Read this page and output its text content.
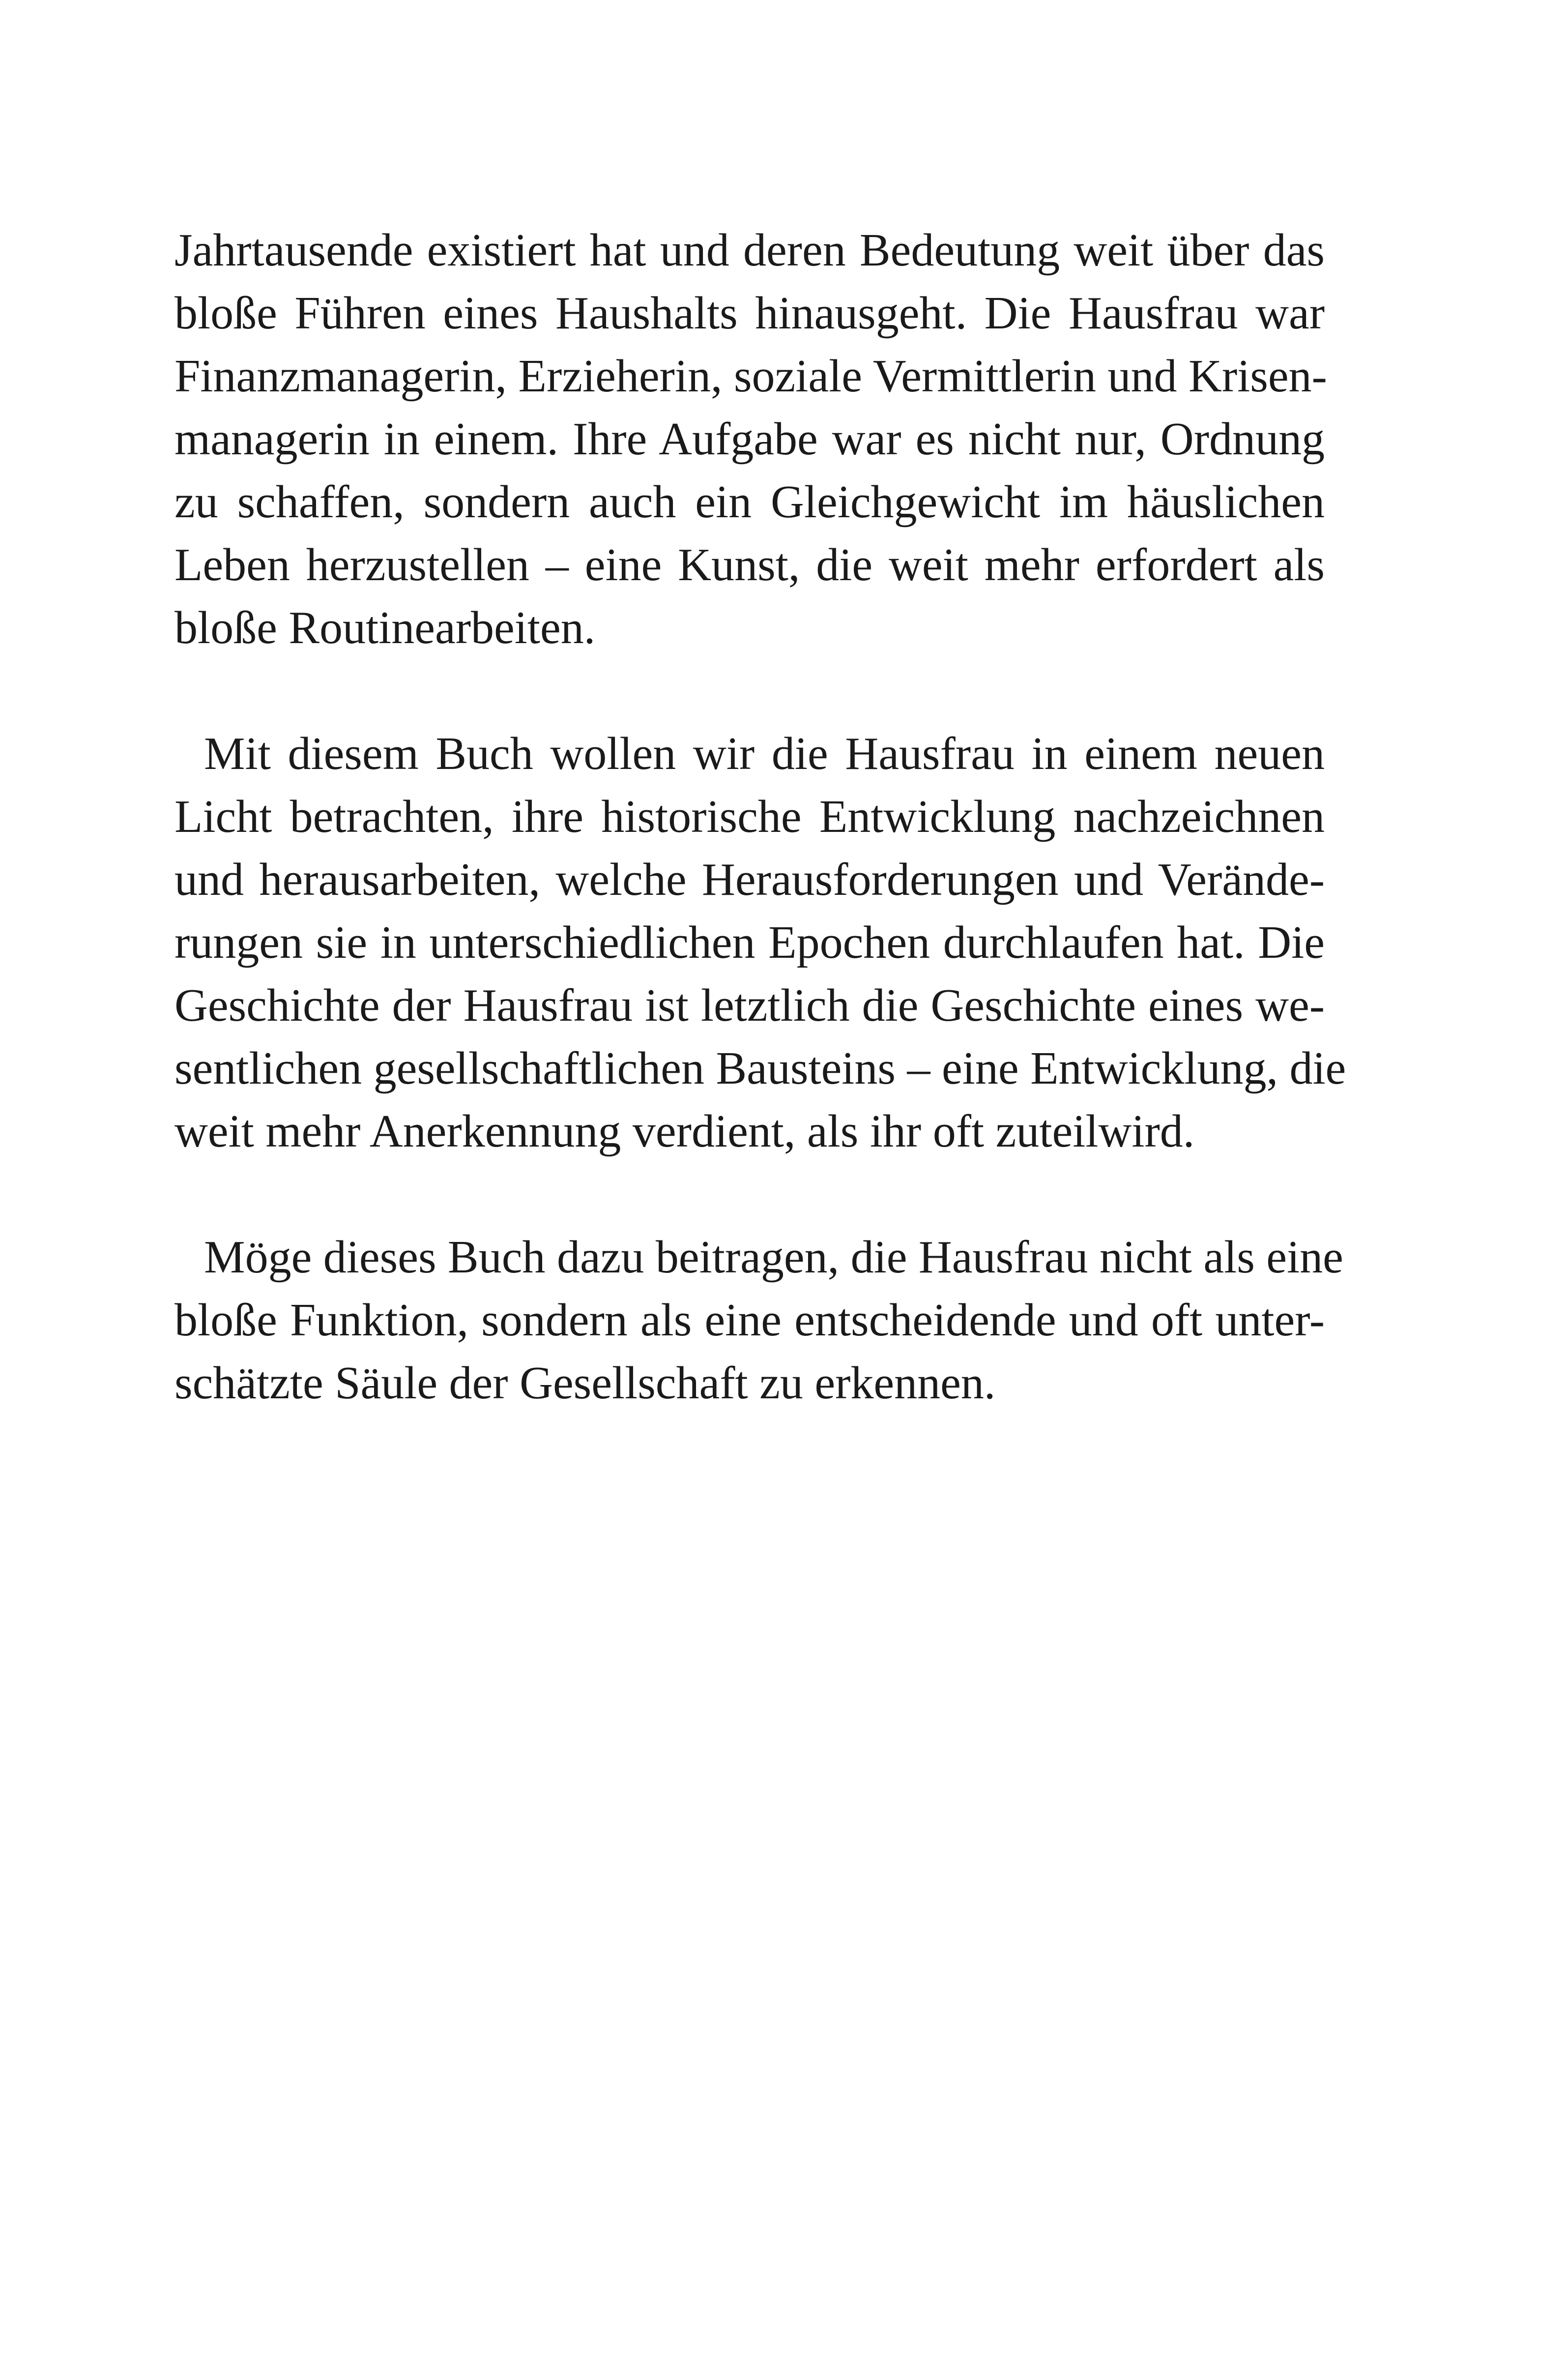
Jahrtausende existiert hat und deren Bedeutung weit über das
bloße Führen eines Haushalts hinausgeht. Die Hausfrau war
Finanzmanagerin, Erzieherin, soziale Vermittlerin und Krisen-
managerin in einem. Ihre Aufgabe war es nicht nur, Ordnung
zu schaffen, sondern auch ein Gleichgewicht im häuslichen
Leben herzustellen – eine Kunst, die weit mehr erfordert als
bloße Routinearbeiten.
Mit diesem Buch wollen wir die Hausfrau in einem neuen
Licht betrachten, ihre historische Entwicklung nachzeichnen
und herausarbeiten, welche Herausforderungen und Verände-
rungen sie in unterschiedlichen Epochen durchlaufen hat. Die
Geschichte der Hausfrau ist letztlich die Geschichte eines we-
sentlichen gesellschaftlichen Bausteins – eine Entwicklung, die
weit mehr Anerkennung verdient, als ihr oft zuteilwird.
Möge dieses Buch dazu beitragen, die Hausfrau nicht als eine
bloße Funktion, sondern als eine entscheidende und oft unter-
schätzte Säule der Gesellschaft zu erkennen.
